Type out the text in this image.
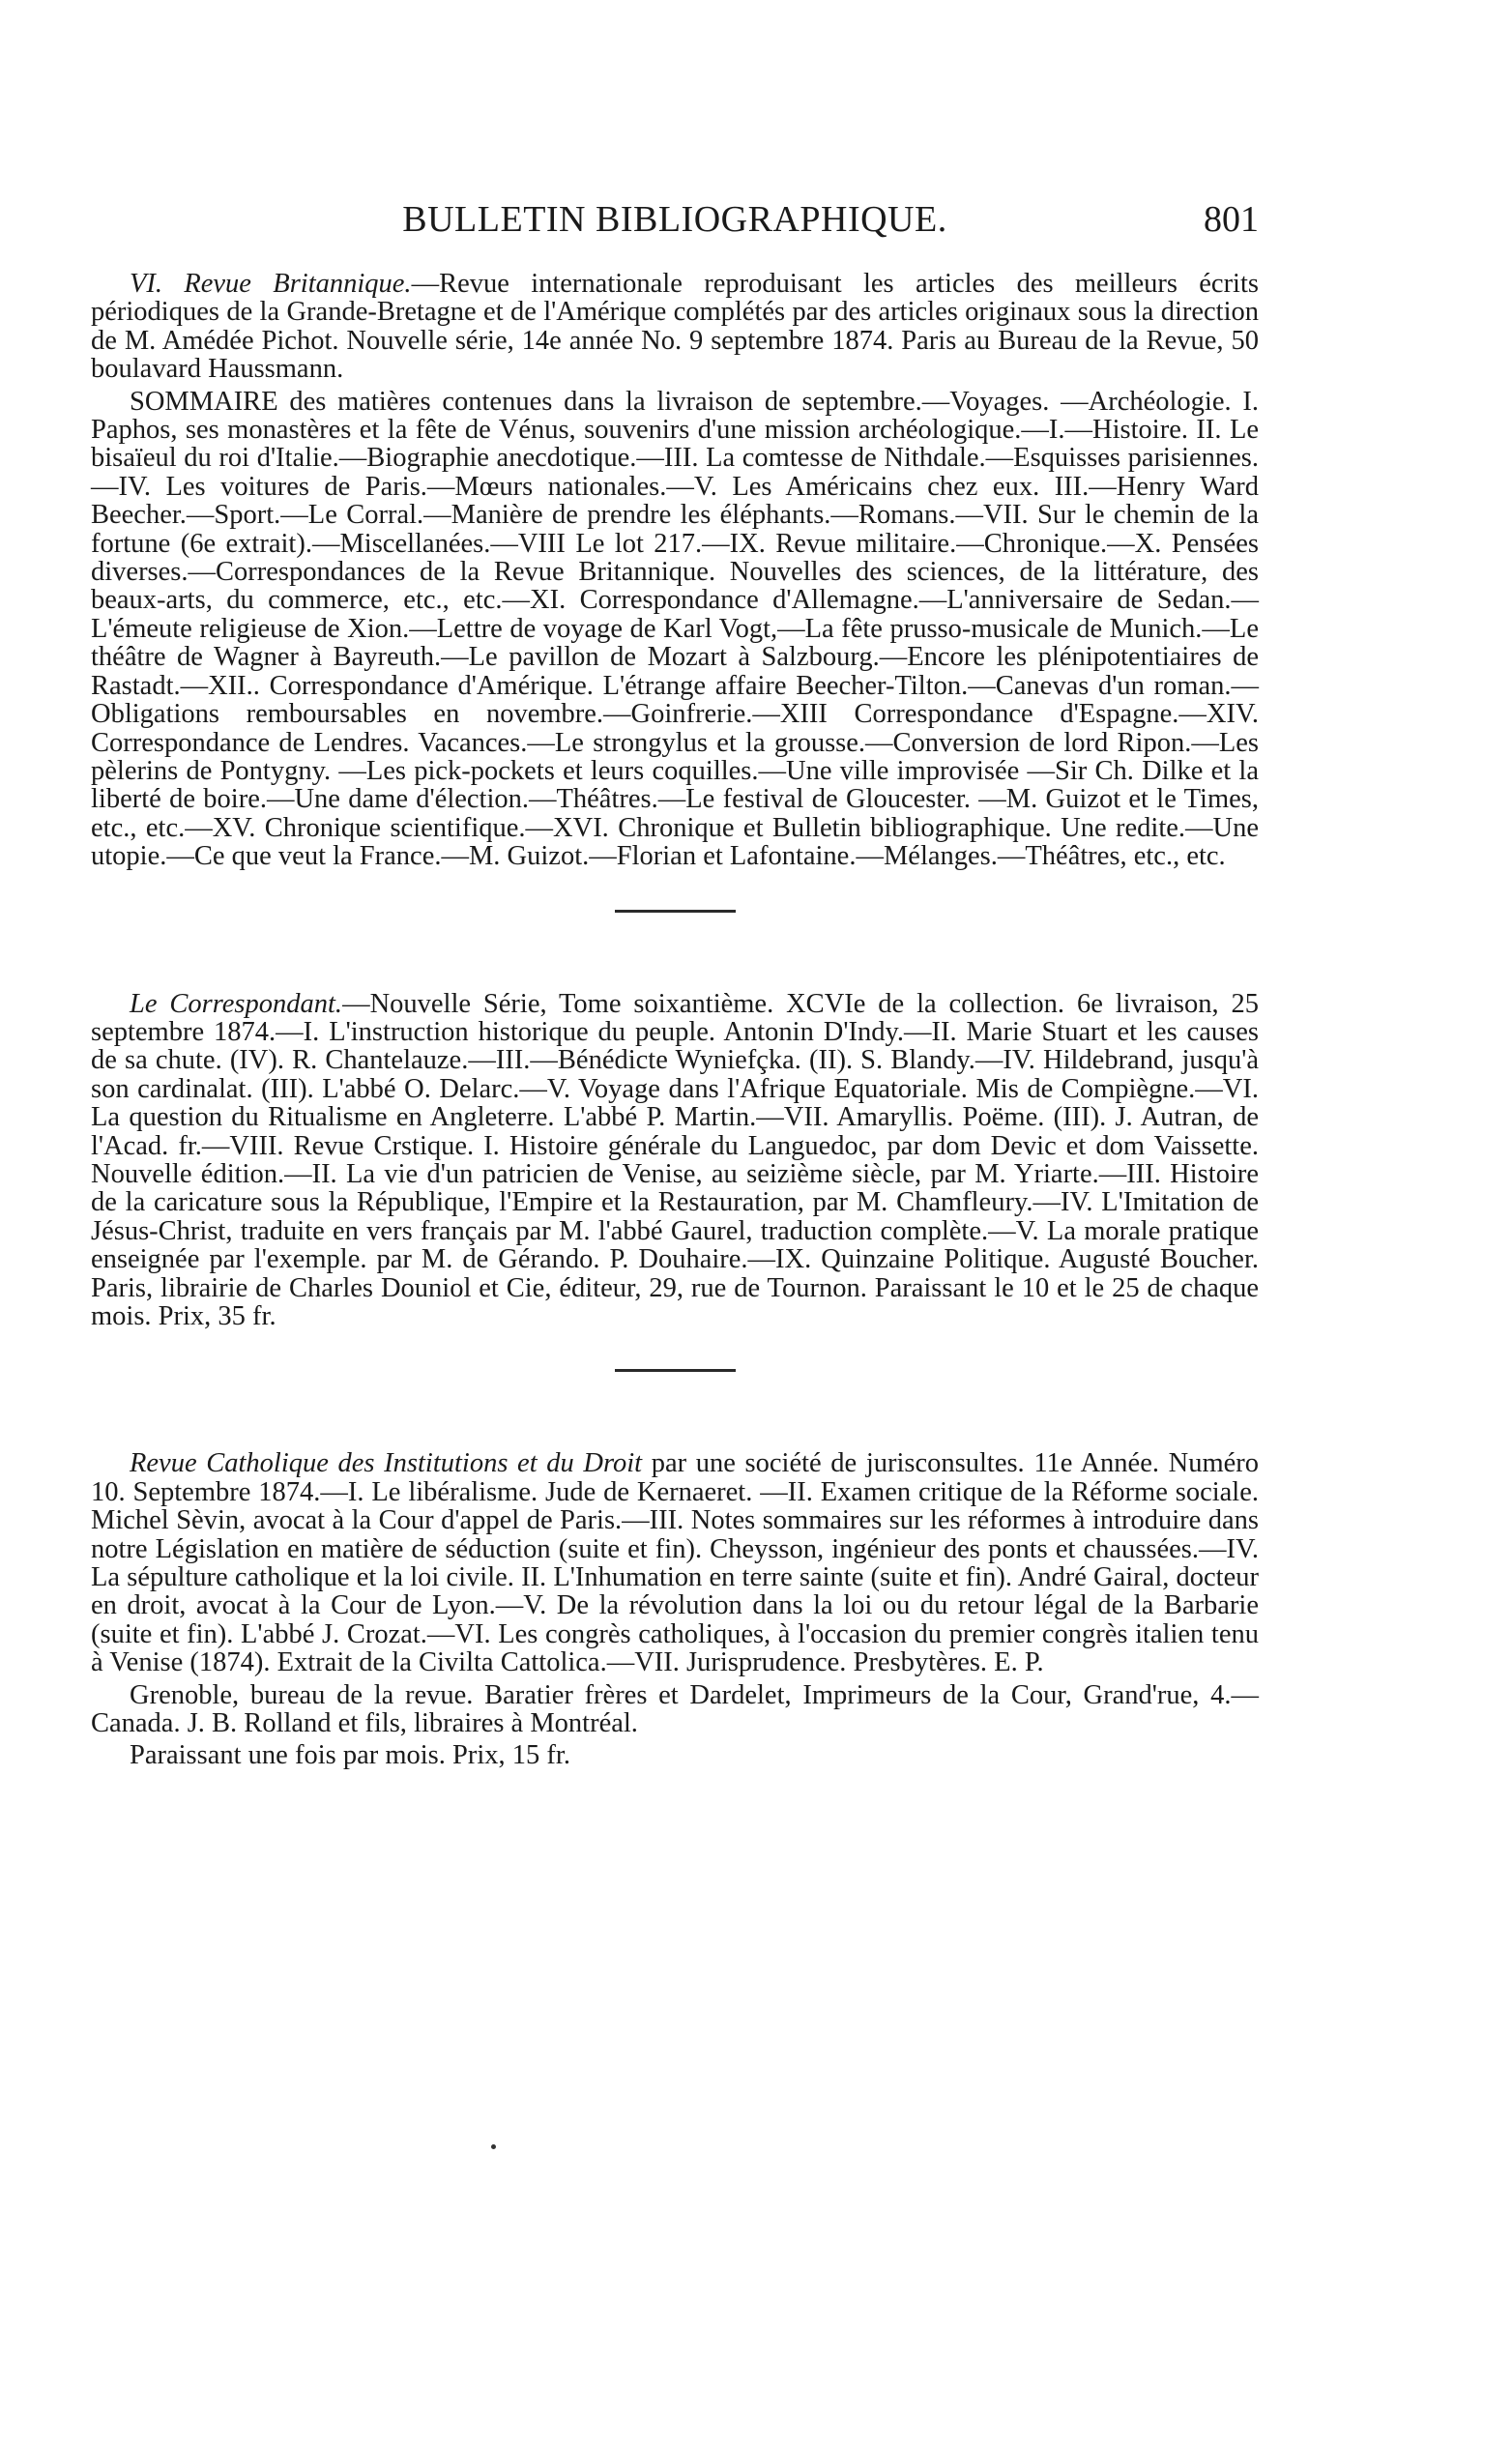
BULLETIN BIBLIOGRAPHIQUE.	801

VI. Revue Britannique.—Revue internationale reproduisant les articles des meilleurs écrits périodiques de la Grande-Bretagne et de l'Amérique complétés par des articles originaux sous la direction de M. Amédée Pichot. Nouvelle série, 14e année No. 9 septembre 1874. Paris au Bureau de la Revue, 50 boulavard Haussmann.

SOMMAIRE des matières contenues dans la livraison de septembre.—Voyages. —Archéologie. I. Paphos, ses monastères et la fête de Vénus, souvenirs d'une mission archéologique.—I.—Histoire. II. Le bisaïeul du roi d'Italie.—Biographie anecdotique.—III. La comtesse de Nithdale.—Esquisses parisiennes.—IV. Les voitures de Paris.—Mœurs nationales.—V. Les Américains chez eux. III.—Henry Ward Beecher.—Sport.—Le Corral.—Manière de prendre les éléphants.—Romans.—VII. Sur le chemin de la fortune (6e extrait).—Miscellanées.—VIII Le lot 217.—IX. Revue militaire.—Chronique.—X. Pensées diverses.—Correspondances de la Revue Britannique. Nouvelles des sciences, de la littérature, des beaux-arts, du commerce, etc., etc.—XI. Correspondance d'Allemagne.—L'anniversaire de Sedan.—L'émeute religieuse de Xion.—Lettre de voyage de Karl Vogt,—La fête prusso-musicale de Munich.—Le théâtre de Wagner à Bayreuth.—Le pavillon de Mozart à Salzbourg.—Encore les plénipotentiaires de Rastadt.—XII.. Correspondance d'Amérique. L'étrange affaire Beecher-Tilton.—Canevas d'un roman.—Obligations remboursables en novembre.—Goinfrerie.—XIII Correspondance d'Espagne.—XIV. Correspondance de Lendres. Vacances.—Le strongylus et la grousse.—Conversion de lord Ripon.—Les pèlerins de Pontygny. —Les pick-pockets et leurs coquilles.—Une ville improvisée —Sir Ch. Dilke et la liberté de boire.—Une dame d'élection.—Théâtres.—Le festival de Gloucester. —M. Guizot et le Times, etc., etc.—XV. Chronique scientifique.—XVI. Chronique et Bulletin bibliographique. Une redite.—Une utopie.—Ce que veut la France.—M. Guizot.—Florian et Lafontaine.—Mélanges.—Théâtres, etc., etc.

Le Correspondant.—Nouvelle Série, Tome soixantième. XCVIe de la collection. 6e livraison, 25 septembre 1874.—I. L'instruction historique du peuple. Antonin D'Indy.—II. Marie Stuart et les causes de sa chute. (IV). R. Chantelauze.—III.—Bénédicte Wyniefçka. (II). S. Blandy.—IV. Hildebrand, jusqu'à son cardinalat. (III). L'abbé O. Delarc.—V. Voyage dans l'Afrique Equatoriale. Mis de Compiègne.—VI. La question du Ritualisme en Angleterre. L'abbé P. Martin.—VII. Amaryllis. Poëme. (III). J. Autran, de l'Acad. fr.—VIII. Revue Crstique. I. Histoire générale du Languedoc, par dom Devic et dom Vaissette. Nouvelle édition.—II. La vie d'un patricien de Venise, au seizième siècle, par M. Yriarte.—III. Histoire de la caricature sous la République, l'Empire et la Restauration, par M. Chamfleury.—IV. L'Imitation de Jésus-Christ, traduite en vers français par M. l'abbé Gaurel, traduction complète.—V. La morale pratique enseignée par l'exemple. par M. de Gérando. P. Douhaire.—IX. Quinzaine Politique. Augusté Boucher. Paris, librairie de Charles Douniol et Cie, éditeur, 29, rue de Tournon. Paraissant le 10 et le 25 de chaque mois. Prix, 35 fr.

Revue Catholique des Institutions et du Droit par une société de jurisconsultes. 11e Année. Numéro 10. Septembre 1874.—I. Le libéralisme. Jude de Kernaeret. —II. Examen critique de la Réforme sociale. Michel Sèvin, avocat à la Cour d'appel de Paris.—III. Notes sommaires sur les réformes à introduire dans notre Législation en matière de séduction (suite et fin). Cheysson, ingénieur des ponts et chaussées.—IV. La sépulture catholique et la loi civile. II. L'Inhumation en terre sainte (suite et fin). André Gairal, docteur en droit, avocat à la Cour de Lyon.—V. De la révolution dans la loi ou du retour légal de la Barbarie (suite et fin). L'abbé J. Crozat.—VI. Les congrès catholiques, à l'occasion du premier congrès italien tenu à Venise (1874). Extrait de la Civilta Cattolica.—VII. Jurisprudence. Presbytères. E. P.

Grenoble, bureau de la revue. Baratier frères et Dardelet, Imprimeurs de la Cour, Grand'rue, 4.—Canada. J. B. Rolland et fils, libraires à Montréal.

Paraissant une fois par mois. Prix, 15 fr.
